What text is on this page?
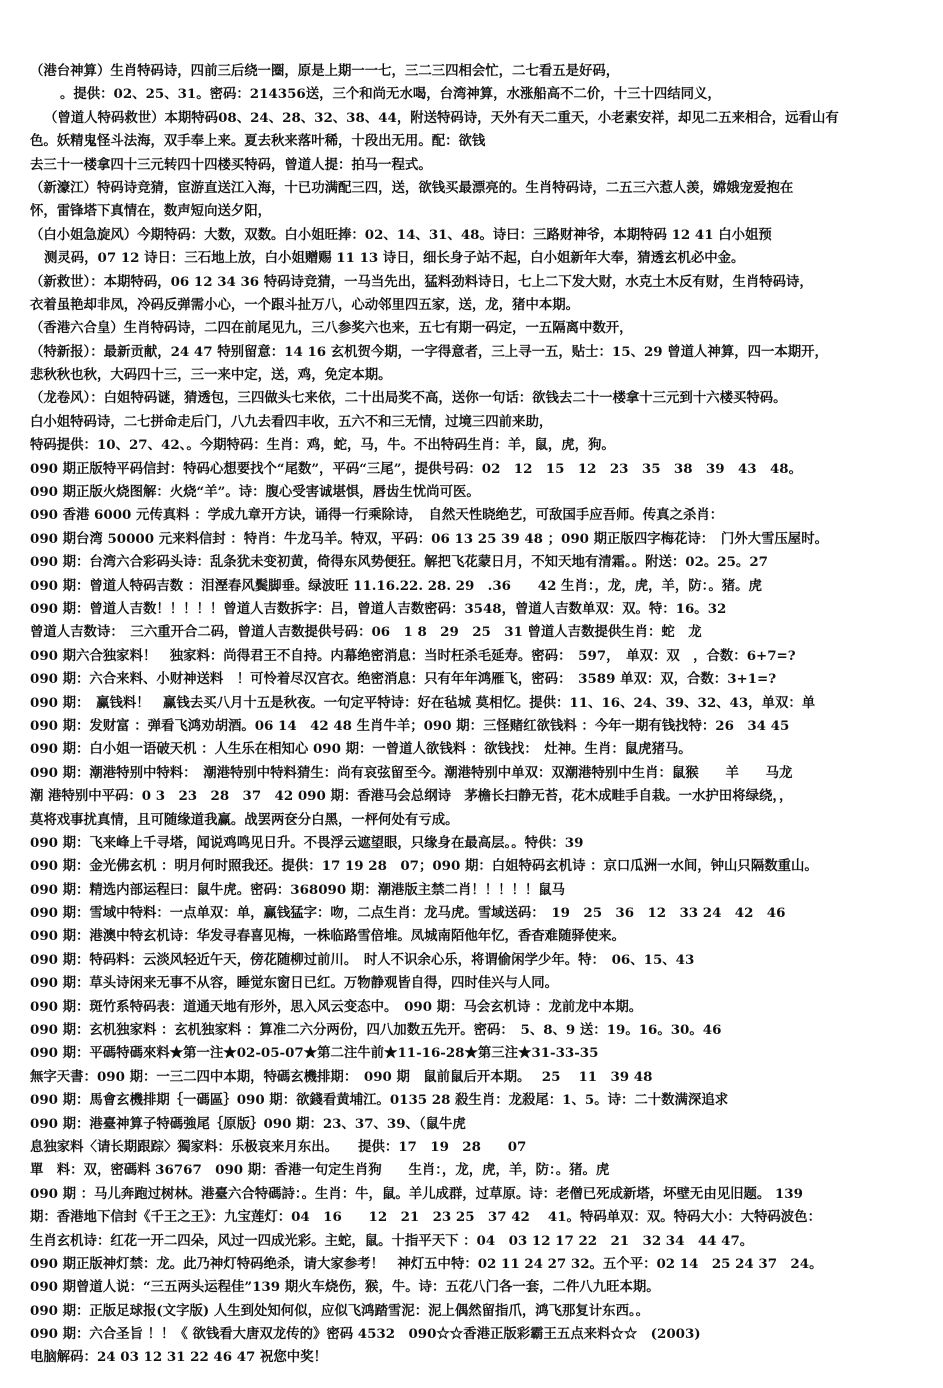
（港台神算）生肖特码诗，四前三后绕一圈，原是上期一一七，三二三四相会忙，二七看五是好码，
。提供：02、25、31。密码：214356送，三个和尚无水喝，台湾神算，水涨船高不二价，十三十四结同义，
（曾道人特码救世）本期特码08、24、28、32、38、44，附送特码诗，天外有天二重天，小老素安祥，却见二五来相合，远看山有
色。妖精鬼怪斗法海，双手奉上来。夏去秋来落叶稀，十段出无用。配：欲钱
去三十一楼拿四十三元转四十四楼买特码，曾道人提：拍马一程式。
（新濠江）特码诗竞猜，宦游直送江入海，十已功满配三四，送，欲钱买最漂亮的。生肖特码诗，二五三六惹人羡，嫦娥宠爱抱在
怀，雷锋塔下真情在，数声短向送夕阳，
（白小姐急旋风）今期特码：大数，双数。白小姐旺捧：02、14、31、48。诗曰：三路财神爷，本期特码 12 41 白小姐预
测灵码，07 12 诗日：三石地上放，白小姐赠赐 11 13 诗日，细长身子站不起，白小姐新年大奉，猜透玄机必中金。
（新救世）：本期特码，06 12 34 36 特码诗竞猜，一马当先出，猛料劲料诗日，七上二下发大财，水克土木反有财，生肖特码诗，
衣着虽艳却非凤，冷码反弹需小心，一个跟斗扯万八，心动邻里四五家，送，龙，猪中本期。
（香港六合皇）生肖特码诗，二四在前尾见九，三八参奖六也来，五七有期一码定，一五隔离中数开，
（特新报）：最新贡献，24 47 特别留意：14 16 玄机贺今期，一字得意者，三上寻一五，贴士：15、29 曾道人神算，四一本期开，
悲秋秋也秋，大码四十三，三一来中定，送，鸡，免定本期。
（龙卷风）：白姐特码谜，猜透包，三四做头七来依，二十出局奖不高，送你一句话：欲钱去二十一楼拿十三元到十六楼买特码。
白小姐特码诗，二七拼命走后门，八九去看四丰收，五六不和三无情，过境三四前来助，
特码提供：10、27、42、。今期特码：生肖：鸡，蛇，马，牛。不出特码生肖：羊，鼠，虎，狗。
090 期正版特平码信封：特码心想要找个“尾数”，平码“三尾”，提供号码：02　12　15　12　23　35　38　39　43　48。
090 期正版火烧图解：火烧“羊”。诗：腹心受害诚堪惧，唇齿生忧尚可医。
090 香港 6000 元传真料 ：学成九章开方诀，诵得一行乘除诗，　自然天性晓绝艺，可敌国手应吾师。传真之杀肖：
090 期台湾 50000 元来料信封 ：特肖：牛龙马羊。特双，平码：06 13 25 39 48 ；090 期正版四字梅花诗：　门外大雪压屋时。
090 期：台湾六合彩码头诗：乱条犹未变初黄，倚得东风势便狂。解把飞花蒙日月，不知天地有清霜。。附送：02。25。27
090 期：曾道人特码吉数 ：泪溼春风鬓脚垂。绿波旺 11.16.22. 28. 29　.36　　42 生肖：，龙，虎，羊，防：。猪。虎
090 期：曾道人吉数！！！！！曾道人吉数拆字：吕，曾道人吉数密码：3548，曾道人吉数单双：双。特：16。32
曾道人吉数诗：　三六重开合二码，曾道人吉数提供号码：06　1 8　29　25　31 曾道人吉数提供生肖：蛇　龙
090 期六合独家料！　独家料：尚得君王不自持。内幕绝密消息：当时枉杀毛延寿。密码：　597，　单双：双　，合数：6+7=?
090 期：六合来料、小财神送料　！可怜着尽汉宫衣。绝密消息：只有年年鸿雁飞，密码：　3589 单双：双，合数：3+1=?
090 期：　赢钱料！　赢钱去买八月十五是秋夜。一句定平特诗：好在毡城 莫相忆。提供：11、16、24、39、32、43，单双：单
090 期：发财富 ：弹看飞鸿劝胡酒。06 14　42 48 生肖牛羊；090 期：三怪赌红欲钱料 ：今年一期有钱找特：26　34 45
090 期：白小姐一语破天机 ：人生乐在相知心 090 期：一曾道人欲钱料 ：欲钱找：　灶神。生肖：鼠虎猪马。
090 期：潮港特别中特料：　潮港特别中特料猜生：尚有哀弦留至今。潮港特别中单双：双潮港特别中生肖：鼠猴　　羊　　马龙
潮 港特别中平码：0 3　23　28　37　42 090 期：香港马会总纲诗　茅檐长扫静无苔，花木成畦手自栽。一水护田将绿绕，，
莫将戏事扰真情，且可随缘道我赢。战罢两奁分白黑，一枰何处有亏成。
090 期：飞来峰上千寻塔，闻说鸡鸣见日升。不畏浮云遮望眼，只缘身在最高层。。特供：39
090 期：金光佛玄机 ：明月何时照我还。提供：17 19 28　07；090 期：白姐特码玄机诗 ：京口瓜洲一水间，钟山只隔数重山。
090 期：精选内部运程曰：鼠牛虎。密码：368090 期：潮港版主禁二肖！！！！！鼠马
090 期：雪域中特料：一点单双：单，赢钱猛字：吻，二点生肖：龙马虎。雪域送码：　19　25　36　12　33 24　42　46
090 期：港澳中特玄机诗：华发寻春喜见梅，一株临路雪倍堆。凤城南陌他年忆，香杳难随驿使来。
090 期：特码料：云淡风轻近午天，傍花随柳过前川。　时人不识余心乐，将谓偷闲学少年。特：　06、15、43
090 期：草头诗闲来无事不从容，睡觉东窗日已红。万物静观皆自得，四时佳兴与人同。
090 期：斑竹系特码表：道通天地有形外，思入风云变态中。　090 期：马会玄机诗 ：龙前龙中本期。
090 期：玄机独家料 ：玄机独家料 ：算准二六分两份，四八加数五先开。密码：　5、8、9 送：19。16。30。46
090 期：平碼特碼來料★第一注★02-05-07★第二注牛前★11-16-28★第三注★31-33-35
無字天書：090 期：一三二四中本期，特碼玄機排期：　090 期　鼠前鼠后开本期。　 25　 11　39 48
090 期：馬會玄機排期｛一碼區｝090 期：欲錢看黄埔江。0135 28 殺生肖：龙殺尾：1、5。诗：二十数满深追求
090 期：港臺神算子特碼強尾｛原版｝090 期：23、37、39、（鼠牛虎
息独家料〈请长期跟踪〉獨家料：乐极哀来月东出。　　提供：17　19　28　　07
單　料：双，密碼料 36767　090 期：香港一句定生肖狗　　生肖：，龙，虎，羊，防：。猪。虎
090 期 ：马儿奔跑过树林。港臺六合特碼詩：。生肖：牛，鼠。羊儿成群，过草原。诗：老僧已死成新塔，坏壁无由见旧题。 139
期：香港地下信封《千王之王》：九宝莲灯：04　16　　12　21　23 25　37 42　 41。特码单双：双。特码大小：大特码波色：
生肖玄机诗：红花一开二四朵，风过一四成光彩。主蛇，鼠。十指平天下 ：04　03 12 17 22　21　32 34　44 47。
090 期正版神灯禁：龙。此乃神灯特码绝杀，请大家参考！　神灯五中特：02 11 24 27 32。五个平：02 14　25 24 37　24。
090 期曾道人说：“三五两头运程佳”139 期火车烧伤，猴，牛。诗：五花八门各一套，二件八九旺本期。
090 期：正版足球报(文字版) 人生到处知何似，应似飞鸿踏雪泥：泥上偶然留指爪，鸿飞那复计东西。。
090 期：六合圣旨 ！！《 欲钱看大唐双龙传的》密码 4532　090☆☆香港正版彩霸王五点来料☆☆　(2003)
电脑解码：24 03 12 31 22 46 47 祝您中奖！
